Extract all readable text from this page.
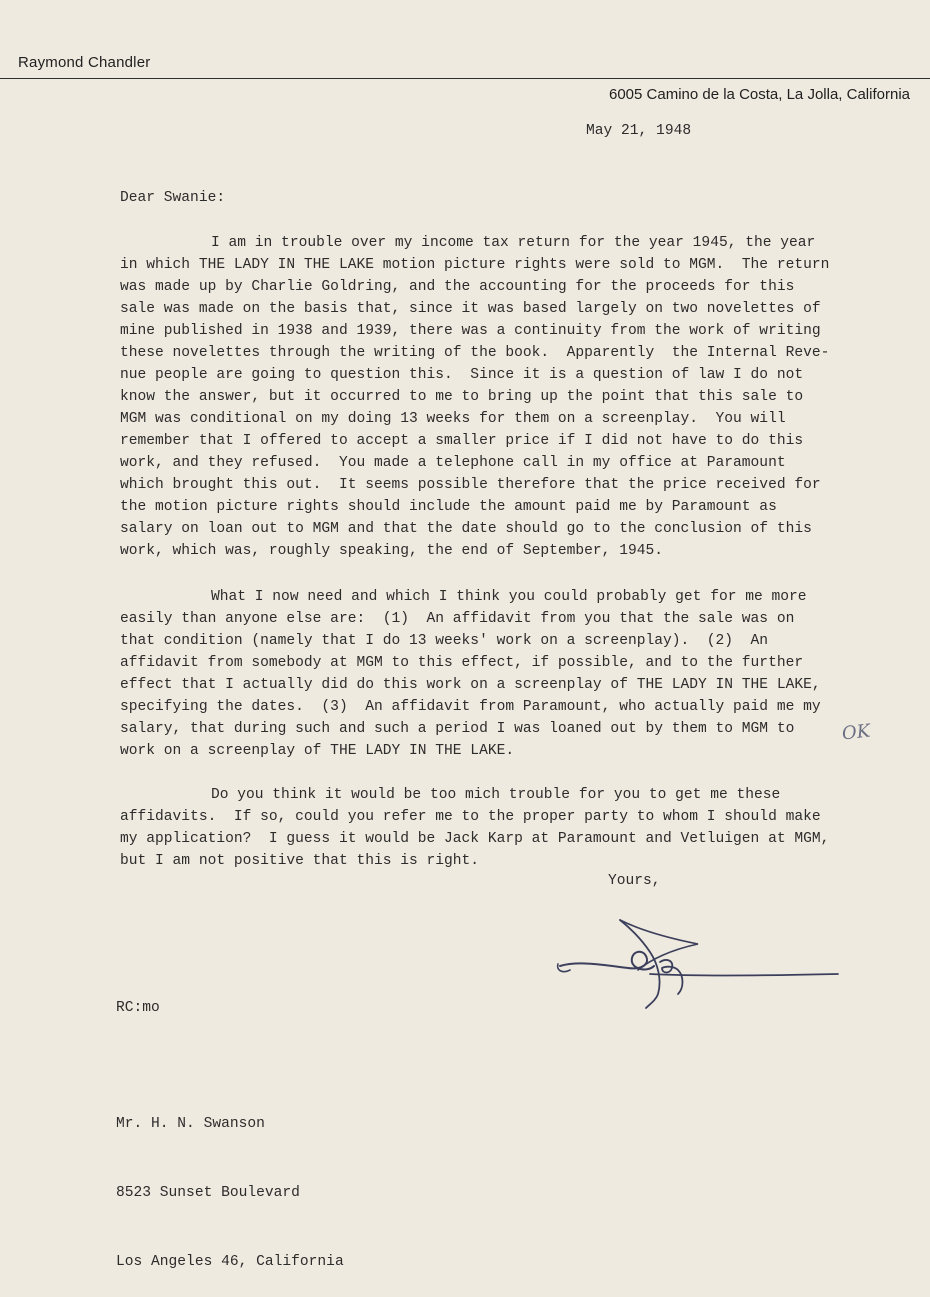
Raymond Chandler
6005 Camino de la Costa, La Jolla, California
May 21, 1948
Dear Swanie:

I am in trouble over my income tax return for the year 1945, the year

in which THE LADY IN THE LAKE motion picture rights were sold to MGM.  The return

was made up by Charlie Goldring, and the accounting for the proceeds for this

sale was made on the basis that, since it was based largely on two novelettes of

mine published in 1938 and 1939, there was a continuity from the work of writing

these novelettes through the writing of the book.  Apparently  the Internal Reve-

nue people are going to question this.  Since it is a question of law I do not

know the answer, but it occurred to me to bring up the point that this sale to

MGM was conditional on my doing 13 weeks for them on a screenplay.  You will

remember that I offered to accept a smaller price if I did not have to do this

work, and they refused.  You made a telephone call in my office at Paramount

which brought this out.  It seems possible therefore that the price received for

the motion picture rights should include the amount paid me by Paramount as

salary on loan out to MGM and that the date should go to the conclusion of this

work, which was, roughly speaking, the end of September, 1945.

What I now need and which I think you could probably get for me more

easily than anyone else are:  (1)  An affidavit from you that the sale was on

that condition (namely that I do 13 weeks' work on a screenplay).  (2)  An

affidavit from somebody at MGM to this effect, if possible, and to the further

effect that I actually did do this work on a screenplay of THE LADY IN THE LAKE,

specifying the dates.  (3)  An affidavit from Paramount, who actually paid me my

salary, that during such and such a period I was loaned out by them to MGM to

work on a screenplay of THE LADY IN THE LAKE.

Do you think it would be too mich trouble for you to get me these

affidavits.  If so, could you refer me to the proper party to whom I should make

my application?  I guess it would be Jack Karp at Paramount and Vetluigen at MGM,

but I am not positive that this is right.

OK
Yours,
RC:mo

Mr. H. N. Swanson

8523 Sunset Boulevard

Los Angeles 46, California
